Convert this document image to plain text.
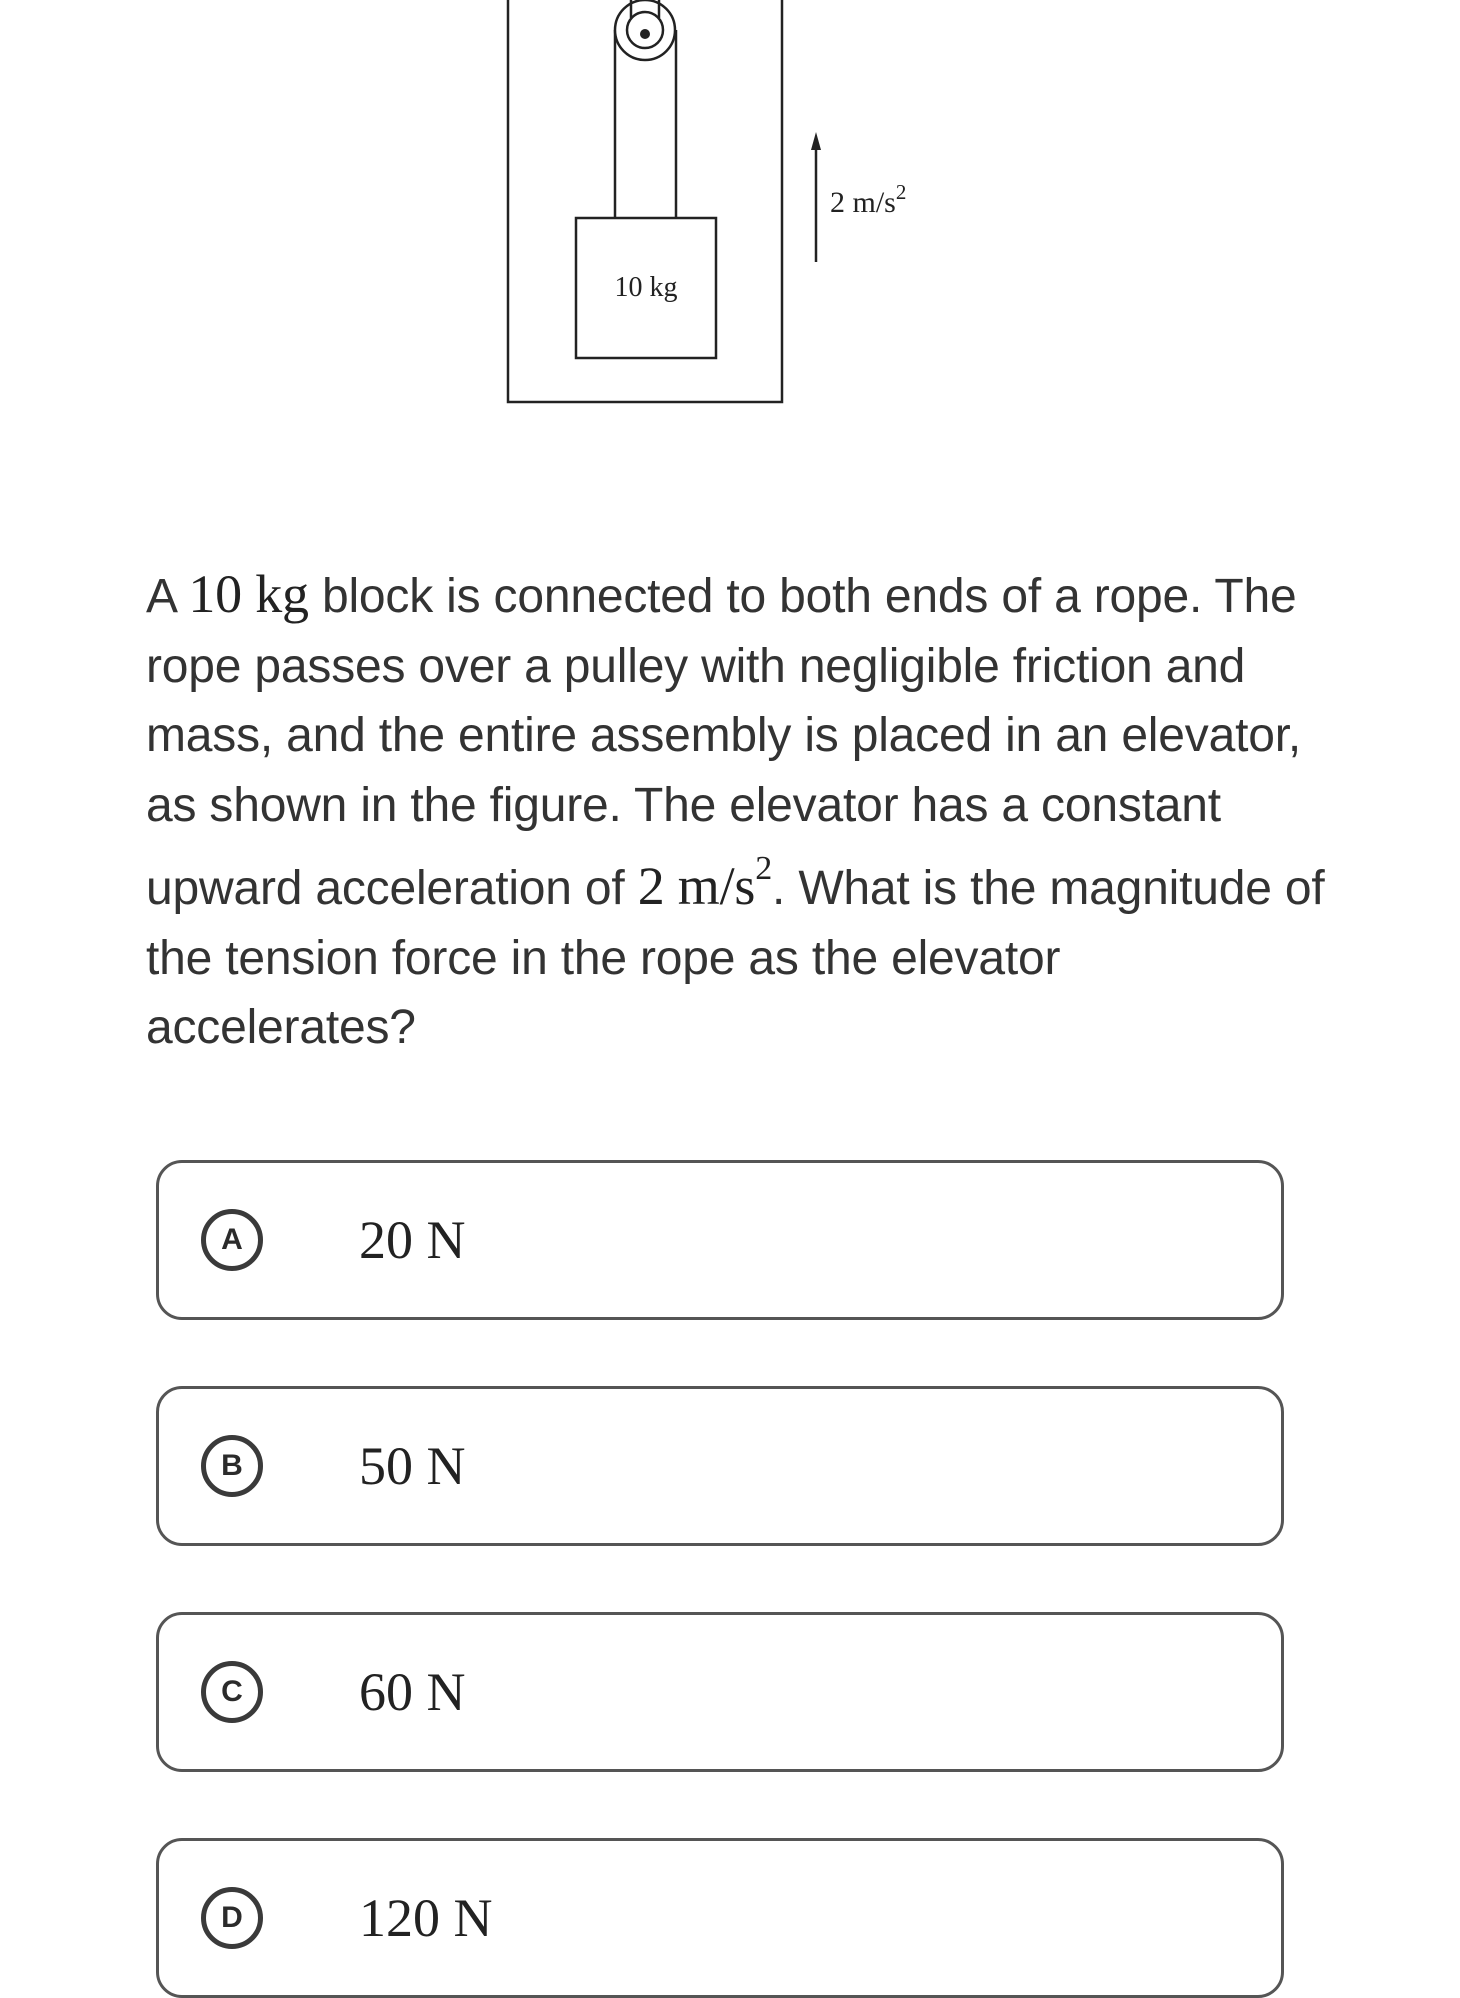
10 kg
2 $m/s^2$
A 10 kg block is connected to both ends of a rope. The rope passes over a pulley with negligible friction and mass, and the entire assembly is placed in an elevator, as shown in the figure. The elevator has a constant upward acceleration of 2 $m/s^2$. What is the magnitude of the tension force in the rope as the elevator accelerates?
A	20 N
B	50 N
C	60 N
D	120 N
